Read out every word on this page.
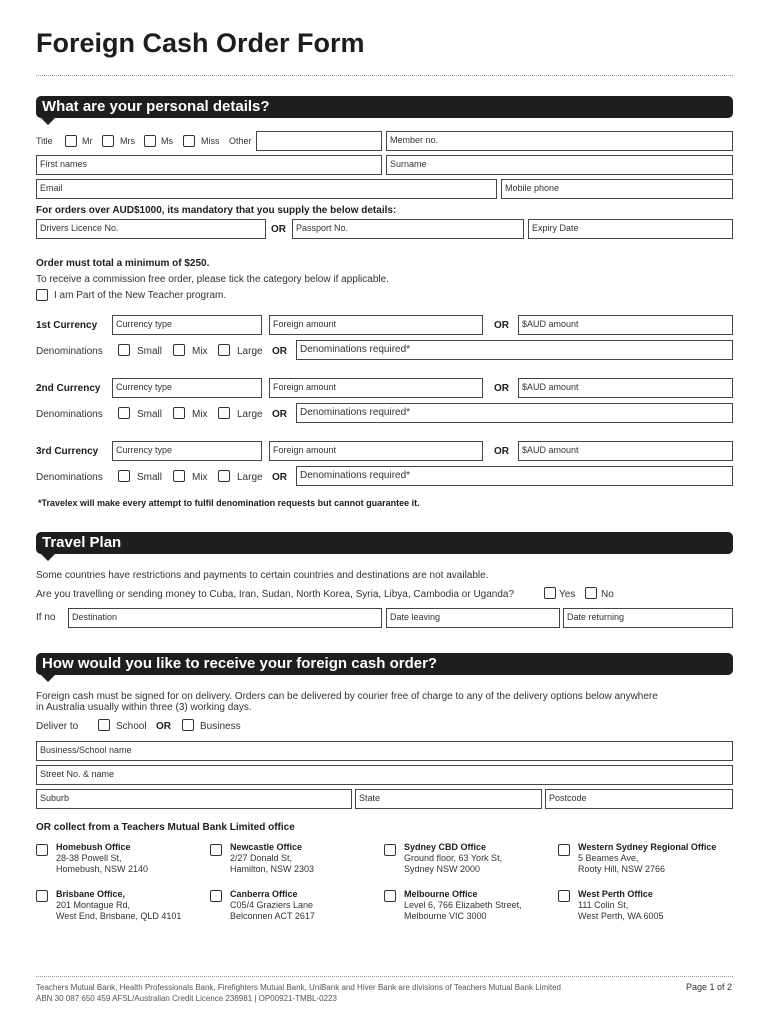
Foreign Cash Order Form
What are your personal details?
Title	Mr	Mrs	Ms	Miss Other	Member no.
First names	Surname
Email	Mobile phone
For orders over AUD$1000, its mandatory that you supply the below details:
Drivers Licence No.	OR	Passport No.	Expiry Date
Order must total a minimum of $250.
To receive a commission free order, please tick the category below if applicable.
I am Part of the New Teacher program.
1st Currency	Currency type	Foreign amount	OR	$AUD amount
Denominations	Small	Mix	Large OR	Denominations required*
2nd Currency	Currency type	Foreign amount	OR	$AUD amount
Denominations	Small	Mix	Large OR	Denominations required*
3rd Currency	Currency type	Foreign amount	OR	$AUD amount
Denominations	Small	Mix	Large OR	Denominations required*
*Travelex will make every attempt to fulfil denomination requests but cannot guarantee it.
Travel Plan
Some countries have restrictions and payments to certain countries and destinations are not available.
Are you travelling or sending money to Cuba, Iran, Sudan, North Korea, Syria, Libya, Cambodia or Uganda?	Yes	No
If no	Destination	Date leaving	Date returning
How would you like to receive your foreign cash order?
Foreign cash must be signed for on delivery. Orders can be delivered by courier free of charge to any of the delivery options below anywhere
in Australia usually within three (3) working days.
Deliver to	School OR	Business
Business/School name
Street No. & name
Suburb	State	Postcode
OR collect from a Teachers Mutual Bank Limited office
Homebush Office
28-38 Powell St,
Homebush, NSW 2140
Newcastle Office
2/27 Donald St,
Hamilton, NSW 2303
Sydney CBD Office
Ground floor, 63 York St,
Sydney NSW 2000
Western Sydney Regional Office
5 Beames Ave,
Rooty Hill, NSW 2766
Brisbane Office,
201 Montague Rd,
West End, Brisbane, QLD 4101
Canberra Office
C05/4 Graziers Lane
Belconnen ACT 2617
Melbourne Office
Level 6, 766 Elizabeth Street,
Melbourne VIC 3000
West Perth Office
111 Colin St,
West Perth, WA 6005
Teachers Mutual Bank, Health Professionals Bank, Firefighters Mutual Bank, UniBank and Hiver Bank are divisions of Teachers Mutual Bank Limited
ABN 30 087 650 459 AFSL/Australian Credit Licence 238981 | OP00921-TMBL-0223
Page 1 of 2
